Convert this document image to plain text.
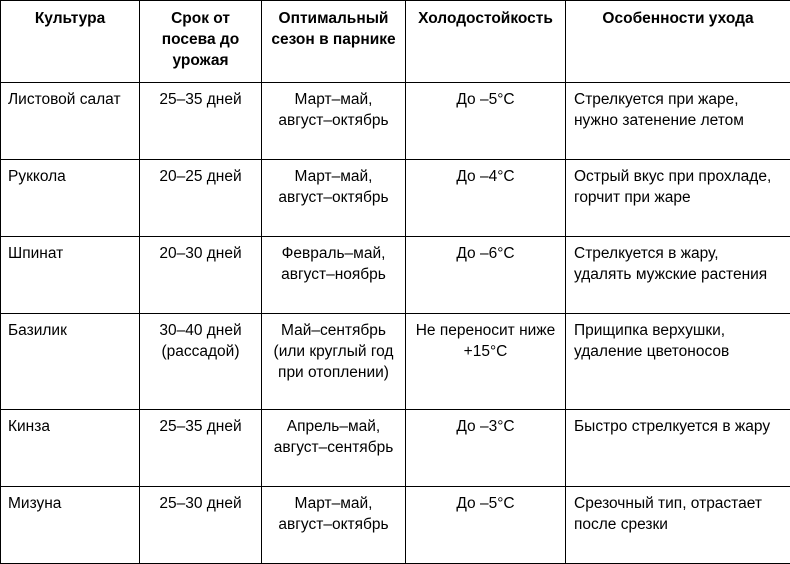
Культура	Срок от посева до урожая	Оптимальный сезон в парнике	Холодостойкость	Особенности ухода
Листовой салат	25–35 дней	Март–май, август–октябрь	До –5°C	Стрелкуется при жаре,
нужно затенение летом
Руккола	20–25 дней	Март–май, август–октябрь	До –4°C	Острый вкус при прохладе,
горчит при жаре
Шпинат	20–30 дней	Февраль–май, август–ноябрь	До –6°C	Стрелкуется в жару,
удалять мужские растения
Базилик	30–40 дней (рассадой)	Май–сентябрь (или круглый год при отоплении)	Не переносит ниже +15°C	Прищипка верхушки,
удаление цветоносов
Кинза	25–35 дней	Апрель–май, август–сентябрь	До –3°C	Быстро стрелкуется в жару
Мизуна	25–30 дней	Март–май, август–октябрь	До –5°C	Срезочный тип, отрастает
после срезки
